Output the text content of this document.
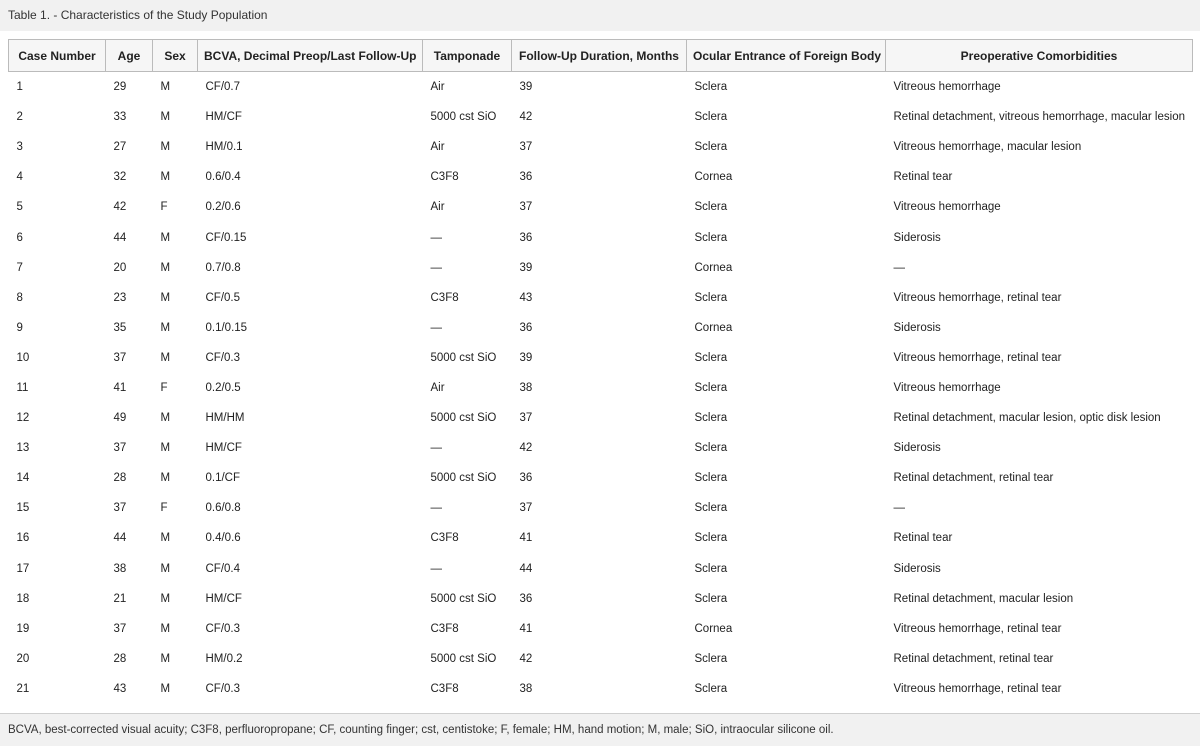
Table 1. - Characteristics of the Study Population
Case Number	Age	Sex	BCVA, Decimal Preop/Last Follow-Up	Tamponade	Follow-Up Duration, Months	Ocular Entrance of Foreign Body	Preoperative Comorbidities
1	29	M	CF/0.7	Air	39	Sclera	Vitreous hemorrhage
2	33	M	HM/CF	5000 cst SiO	42	Sclera	Retinal detachment, vitreous hemorrhage, macular lesion
3	27	M	HM/0.1	Air	37	Sclera	Vitreous hemorrhage, macular lesion
4	32	M	0.6/0.4	C3F8	36	Cornea	Retinal tear
5	42	F	0.2/0.6	Air	37	Sclera	Vitreous hemorrhage
6	44	M	CF/0.15	—	36	Sclera	Siderosis
7	20	M	0.7/0.8	—	39	Cornea	—
8	23	M	CF/0.5	C3F8	43	Sclera	Vitreous hemorrhage, retinal tear
9	35	M	0.1/0.15	—	36	Cornea	Siderosis
10	37	M	CF/0.3	5000 cst SiO	39	Sclera	Vitreous hemorrhage, retinal tear
11	41	F	0.2/0.5	Air	38	Sclera	Vitreous hemorrhage
12	49	M	HM/HM	5000 cst SiO	37	Sclera	Retinal detachment, macular lesion, optic disk lesion
13	37	M	HM/CF	—	42	Sclera	Siderosis
14	28	M	0.1/CF	5000 cst SiO	36	Sclera	Retinal detachment, retinal tear
15	37	F	0.6/0.8	—	37	Sclera	—
16	44	M	0.4/0.6	C3F8	41	Sclera	Retinal tear
17	38	M	CF/0.4	—	44	Sclera	Siderosis
18	21	M	HM/CF	5000 cst SiO	36	Sclera	Retinal detachment, macular lesion
19	37	M	CF/0.3	C3F8	41	Cornea	Vitreous hemorrhage, retinal tear
20	28	M	HM/0.2	5000 cst SiO	42	Sclera	Retinal detachment, retinal tear
21	43	M	CF/0.3	C3F8	38	Sclera	Vitreous hemorrhage, retinal tear
BCVA, best-corrected visual acuity; C3F8, perfluoropropane; CF, counting finger; cst, centistoke; F, female; HM, hand motion; M, male; SiO, intraocular silicone oil.
